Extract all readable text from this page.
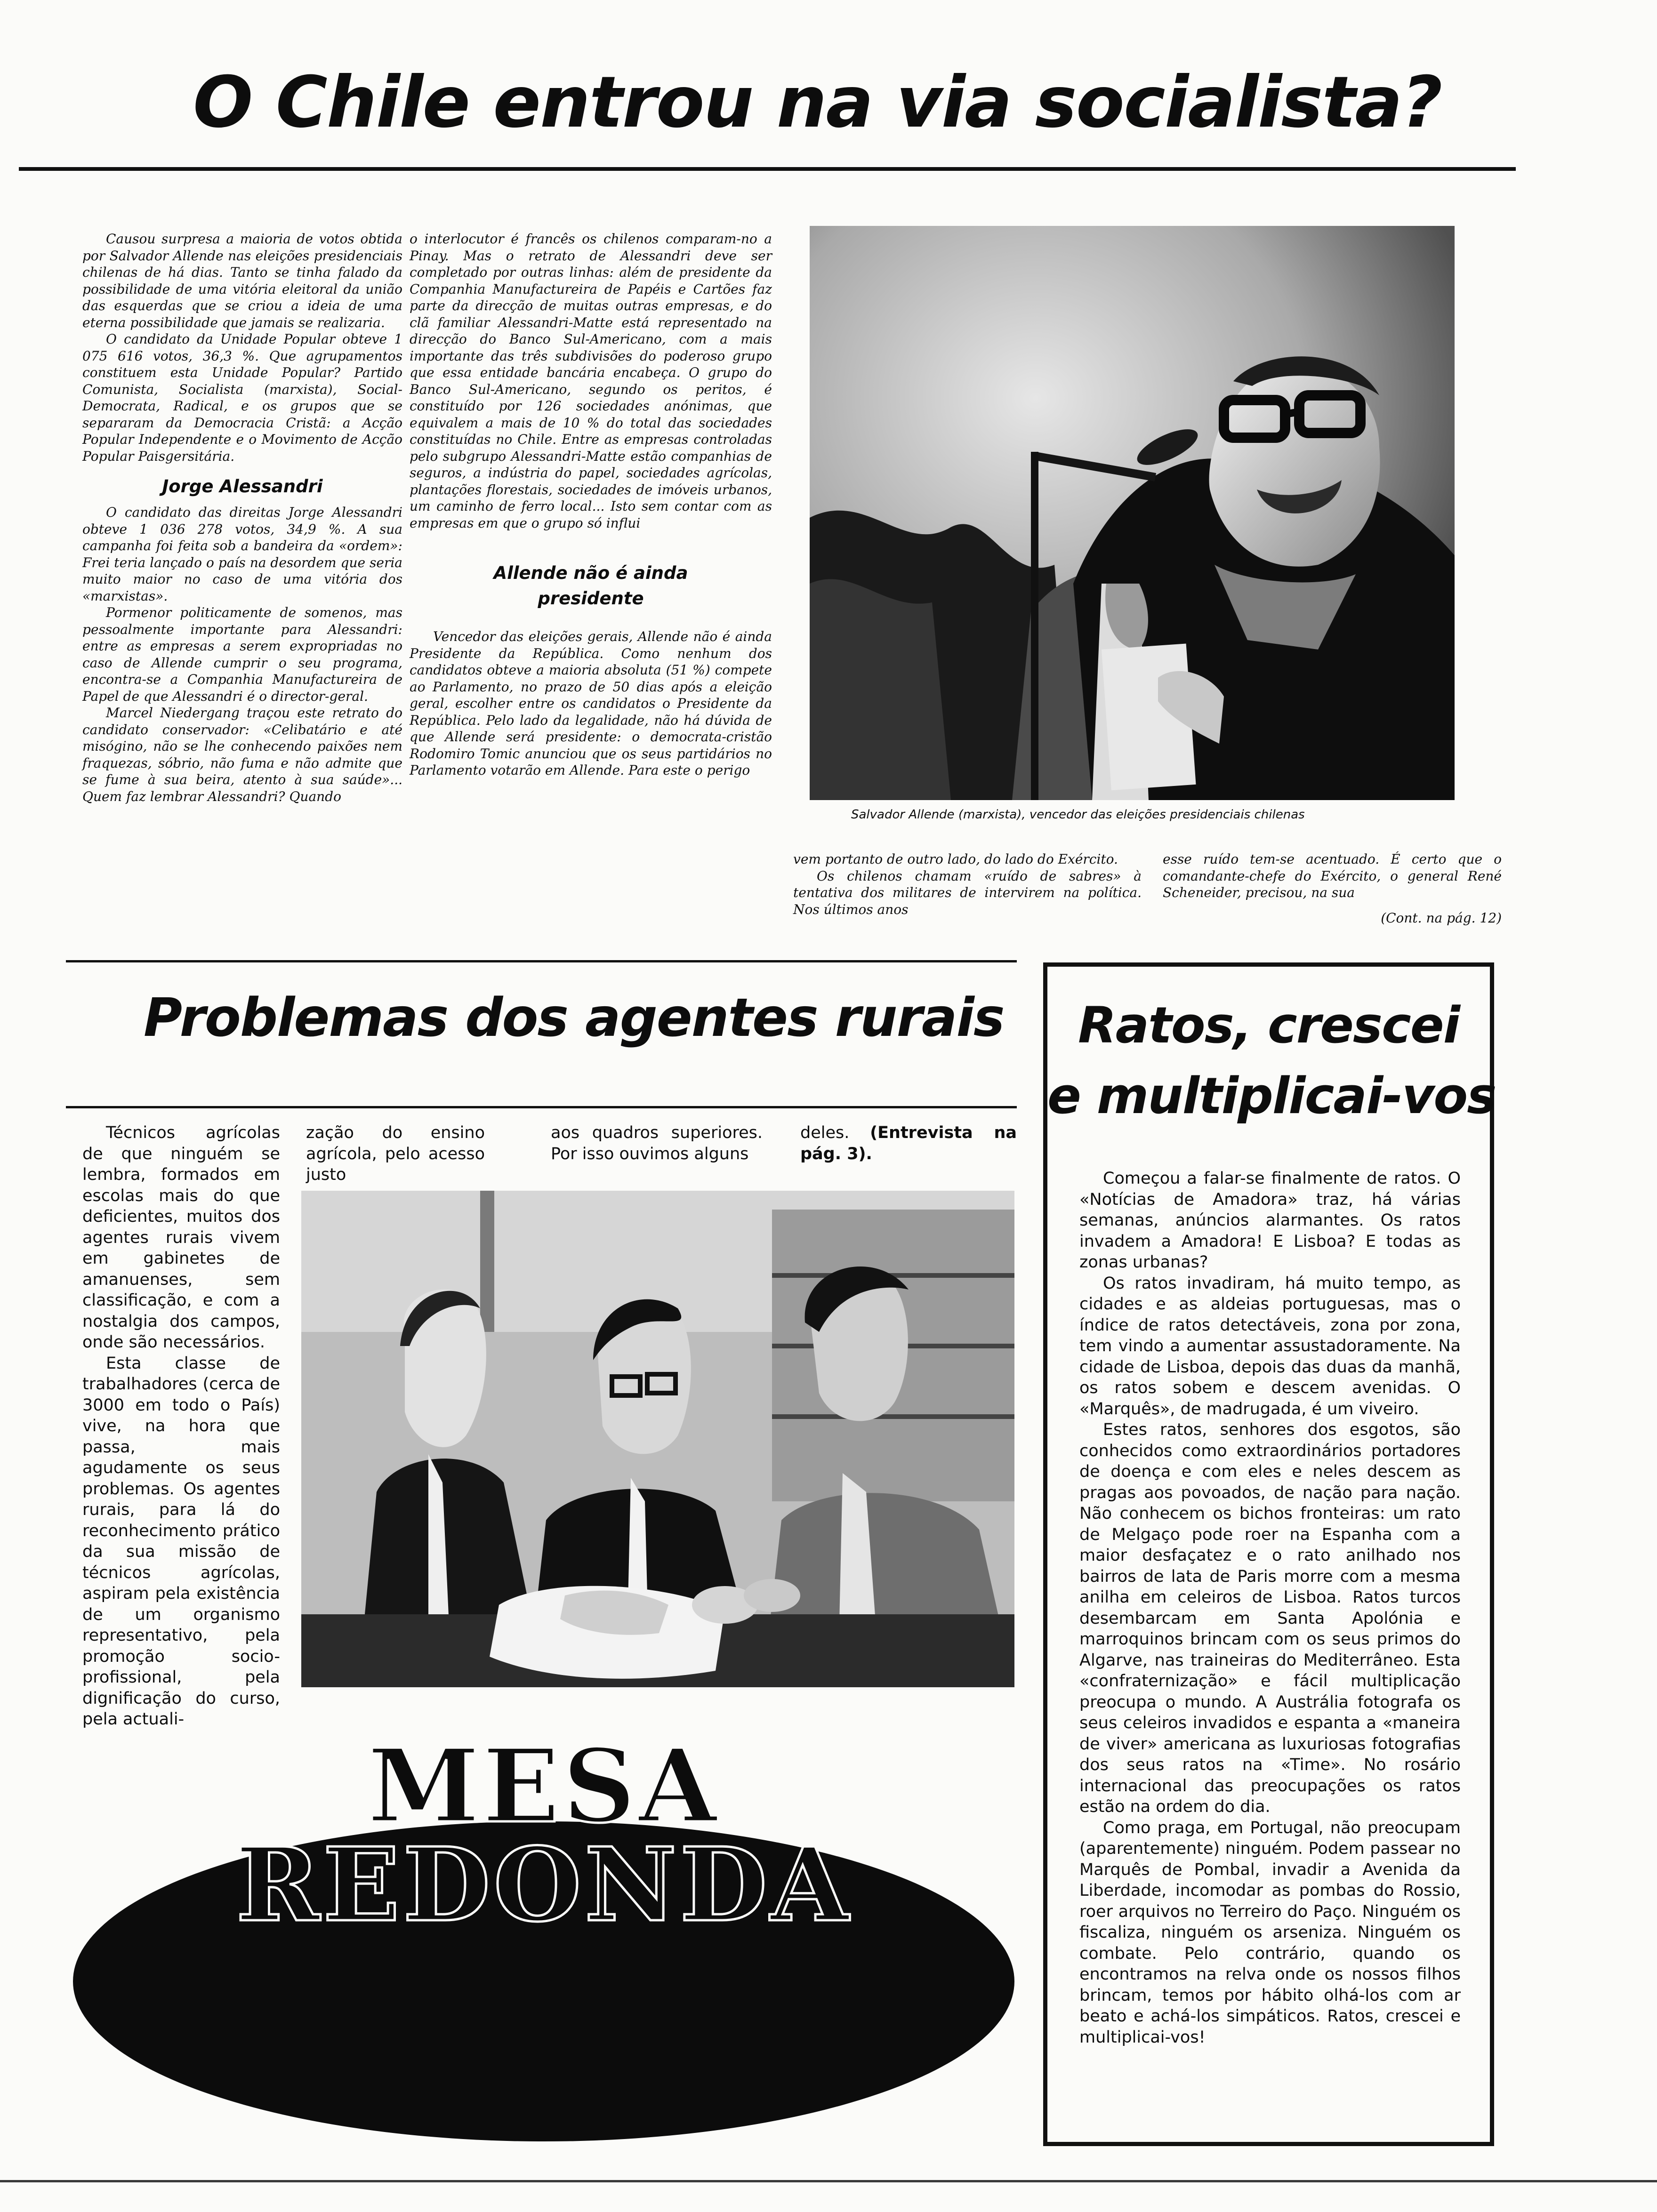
O Chile entrou na via socialista?

Causou surpresa a maioria de votos obtida por Salvador Allende nas eleições presidenciais chilenas de há dias. Tanto se tinha falado da possibilidade de uma vitória eleitoral da união das esquerdas que se criou a ideia de uma eterna possibilidade que jamais se realizaria.

O candidato da Unidade Popular obteve 1 075 616 votos, 36,3 %. Que agrupamentos constituem esta Unidade Popular? Partido Comunista, Socialista (marxista), Social-Democrata, Radical, e os grupos que se separaram da Democracia Cristã: a Acção Popular Independente e o Movimento de Acção Popular Paisgersitária.

Jorge Alessandri

O candidato das direitas Jorge Alessandri obteve 1 036 278 votos, 34,9 %. A sua campanha foi feita sob a bandeira da «ordem»: Frei teria lançado o país na desordem que seria muito maior no caso de uma vitória dos «marxistas».

Pormenor politicamente de somenos, mas pessoalmente importante para Alessandri: entre as empresas a serem expropriadas no caso de Allende cumprir o seu programa, encontra-se a Companhia Manufactureira de Papel de que Alessandri é o director-geral.

Marcel Niedergang traçou este retrato do candidato conservador: «Celibatário e até misógino, não se lhe conhecendo paixões nem fraquezas, sóbrio, não fuma e não admite que se fume à sua beira, atento à sua saúde»... Quem faz lembrar Alessandri? Quando

o interlocutor é francês os chilenos comparam-no a Pinay. Mas o retrato de Alessandri deve ser completado por outras linhas: além de presidente da Companhia Manufactureira de Papéis e Cartões faz parte da direcção de muitas outras empresas, e do clã familiar Alessandri-Matte está representado na direcção do Banco Sul-Americano, com a mais importante das três subdivisões do poderoso grupo que essa entidade bancária encabeça. O grupo do Banco Sul-Americano, segundo os peritos, é constituído por 126 sociedades anónimas, que equivalem a mais de 10 % do total das sociedades constituídas no Chile. Entre as empresas controladas pelo subgrupo Alessandri-Matte estão companhias de seguros, a indústria do papel, sociedades agrícolas, plantações florestais, sociedades de imóveis urbanos, um caminho de ferro local... Isto sem contar com as empresas em que o grupo só influi

Allende não é ainda presidente

Vencedor das eleições gerais, Allende não é ainda Presidente da República. Como nenhum dos candidatos obteve a maioria absoluta (51 %) compete ao Parlamento, no prazo de 50 dias após a eleição geral, escolher entre os candidatos o Presidente da República. Pelo lado da legalidade, não há dúvida de que Allende será presidente: o democrata-cristão Rodomiro Tomic anunciou que os seus partidários no Parlamento votarão em Allende. Para este o perigo

Salvador Allende (marxista), vencedor das eleições presidenciais chilenas

vem portanto de outro lado, do lado do Exército.

Os chilenos chamam «ruído de sabres» à tentativa dos militares de intervirem na política. Nos últimos anos

esse ruído tem-se acentuado. É certo que o comandante-chefe do Exército, o general René Scheneider, precisou, na sua

(Cont. na pág. 12)
Problemas dos agentes rurais

Técnicos agrícolas de que ninguém se lembra, formados em escolas mais do que deficientes, muitos dos agentes rurais vivem em gabinetes de amanuenses, sem classificação, e com a nostalgia dos campos, onde são necessários.

Esta classe de trabalhadores (cerca de 3000 em todo o País) vive, na hora que passa, mais agudamente os seus problemas. Os agentes rurais, para lá do reconhecimento prático da sua missão de técnicos agrícolas, aspiram pela existência de um organismo representativo, pela promoção socio-profissional, pela dignificação do curso, pela actuali-

zação do ensino agrícola, pelo acesso justo

aos quadros superiores. Por isso ouvimos alguns

deles. (Entrevista na pág. 3).

MESA
REDONDA
Ratos, crescei
e multiplicai-vos

Começou a falar-se finalmente de ratos. O «Notícias de Amadora» traz, há várias semanas, anúncios alarmantes. Os ratos invadem a Amadora! E Lisboa? E todas as zonas urbanas?

Os ratos invadiram, há muito tempo, as cidades e as aldeias portuguesas, mas o índice de ratos detectáveis, zona por zona, tem vindo a aumentar assustadoramente. Na cidade de Lisboa, depois das duas da manhã, os ratos sobem e descem avenidas. O «Marquês», de madrugada, é um viveiro.

Estes ratos, senhores dos esgotos, são conhecidos como extraordinários portadores de doença e com eles e neles descem as pragas aos povoados, de nação para nação. Não conhecem os bichos fronteiras: um rato de Melgaço pode roer na Espanha com a maior desfaçatez e o rato anilhado nos bairros de lata de Paris morre com a mesma anilha em celeiros de Lisboa. Ratos turcos desembarcam em Santa Apolónia e marroquinos brincam com os seus primos do Algarve, nas traineiras do Mediterrâneo. Esta «confraternização» e fácil multiplicação preocupa o mundo. A Austrália fotografa os seus celeiros invadidos e espanta a «maneira de viver» americana as luxuriosas fotografias dos seus ratos na «Time». No rosário internacional das preocupações os ratos estão na ordem do dia.

Como praga, em Portugal, não preocupam (aparentemente) ninguém. Podem passear no Marquês de Pombal, invadir a Avenida da Liberdade, incomodar as pombas do Rossio, roer arquivos no Terreiro do Paço. Ninguém os fiscaliza, ninguém os arseniza. Ninguém os combate. Pelo contrário, quando os encontramos na relva onde os nossos filhos brincam, temos por hábito olhá-los com ar beato e achá-los simpáticos. Ratos, crescei e multiplicai-vos!
